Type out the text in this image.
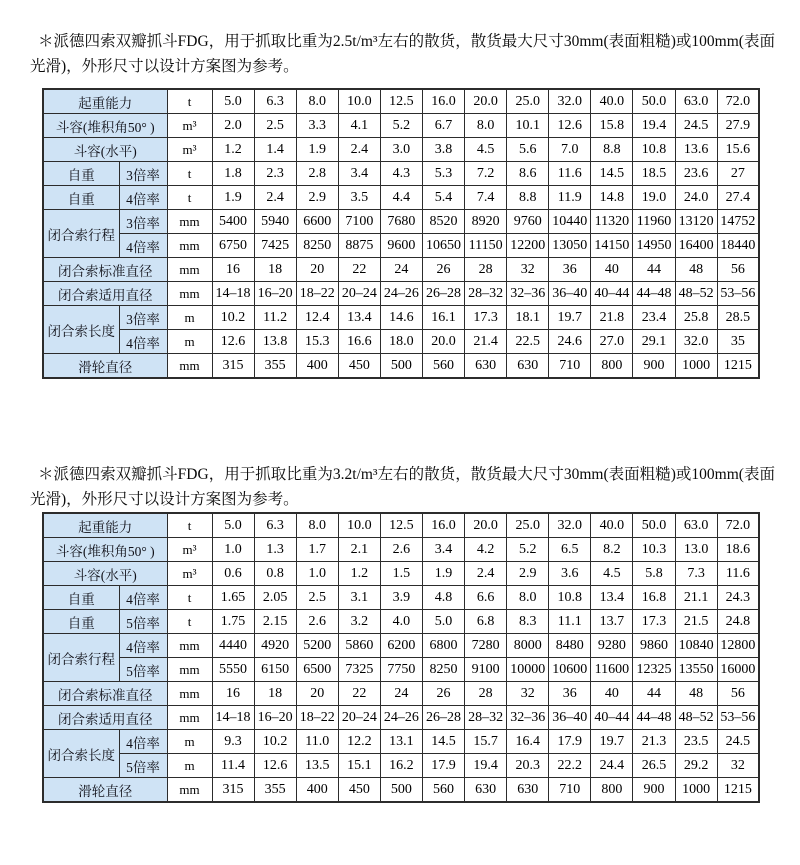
＊派德四索双瓣抓斗FDG，用于抓取比重为2.5t/m³左右的散货，散货最大尺寸30mm(表面粗糙)或100mm(表面光滑)，外形尺寸以设计方案图为参考。

起重能力		t	5.0	6.3	8.0	10.0	12.5	16.0	20.0	25.0	32.0	40.0	50.0	63.0	72.0
斗容(堆积角50° )		m³	2.0	2.5	3.3	4.1	5.2	6.7	8.0	10.1	12.6	15.8	19.4	24.5	27.9
斗容(水平)		m³	1.2	1.4	1.9	2.4	3.0	3.8	4.5	5.6	7.0	8.8	10.8	13.6	15.6
自重	3倍率	t	1.8	2.3	2.8	3.4	4.3	5.3	7.2	8.6	11.6	14.5	18.5	23.6	27
自重	4倍率	t	1.9	2.4	2.9	3.5	4.4	5.4	7.4	8.8	11.9	14.8	19.0	24.0	27.4
闭合索行程	3倍率	mm	5400	5940	6600	7100	7680	8520	8920	9760	10440	11320	11960	13120	14752
	4倍率	mm	6750	7425	8250	8875	9600	10650	11150	12200	13050	14150	14950	16400	18440
闭合索标准直径		mm	16	18	20	22	24	26	28	32	36	40	44	48	56
闭合索适用直径		mm	14–18	16–20	18–22	20–24	24–26	26–28	28–32	32–36	36–40	40–44	44–48	48–52	53–56
闭合索长度	3倍率	m	10.2	11.2	12.4	13.4	14.6	16.1	17.3	18.1	19.7	21.8	23.4	25.8	28.5
	4倍率	m	12.6	13.8	15.3	16.6	18.0	20.0	21.4	22.5	24.6	27.0	29.1	32.0	35
滑轮直径		mm	315	355	400	450	500	560	630	630	710	800	900	1000	1215

＊派德四索双瓣抓斗FDG，用于抓取比重为3.2t/m³左右的散货，散货最大尺寸30mm(表面粗糙)或100mm(表面光滑)，外形尺寸以设计方案图为参考。

起重能力		t	5.0	6.3	8.0	10.0	12.5	16.0	20.0	25.0	32.0	40.0	50.0	63.0	72.0
斗容(堆积角50° )		m³	1.0	1.3	1.7	2.1	2.6	3.4	4.2	5.2	6.5	8.2	10.3	13.0	18.6
斗容(水平)		m³	0.6	0.8	1.0	1.2	1.5	1.9	2.4	2.9	3.6	4.5	5.8	7.3	11.6
自重	4倍率	t	1.65	2.05	2.5	3.1	3.9	4.8	6.6	8.0	10.8	13.4	16.8	21.1	24.3
自重	5倍率	t	1.75	2.15	2.6	3.2	4.0	5.0	6.8	8.3	11.1	13.7	17.3	21.5	24.8
闭合索行程	4倍率	mm	4440	4920	5200	5860	6200	6800	7280	8000	8480	9280	9860	10840	12800
	5倍率	mm	5550	6150	6500	7325	7750	8250	9100	10000	10600	11600	12325	13550	16000
闭合索标准直径		mm	16	18	20	22	24	26	28	32	36	40	44	48	56
闭合索适用直径		mm	14–18	16–20	18–22	20–24	24–26	26–28	28–32	32–36	36–40	40–44	44–48	48–52	53–56
闭合索长度	4倍率	m	9.3	10.2	11.0	12.2	13.1	14.5	15.7	16.4	17.9	19.7	21.3	23.5	24.5
	5倍率	m	11.4	12.6	13.5	15.1	16.2	17.9	19.4	20.3	22.2	24.4	26.5	29.2	32
滑轮直径		mm	315	355	400	450	500	560	630	630	710	800	900	1000	1215
